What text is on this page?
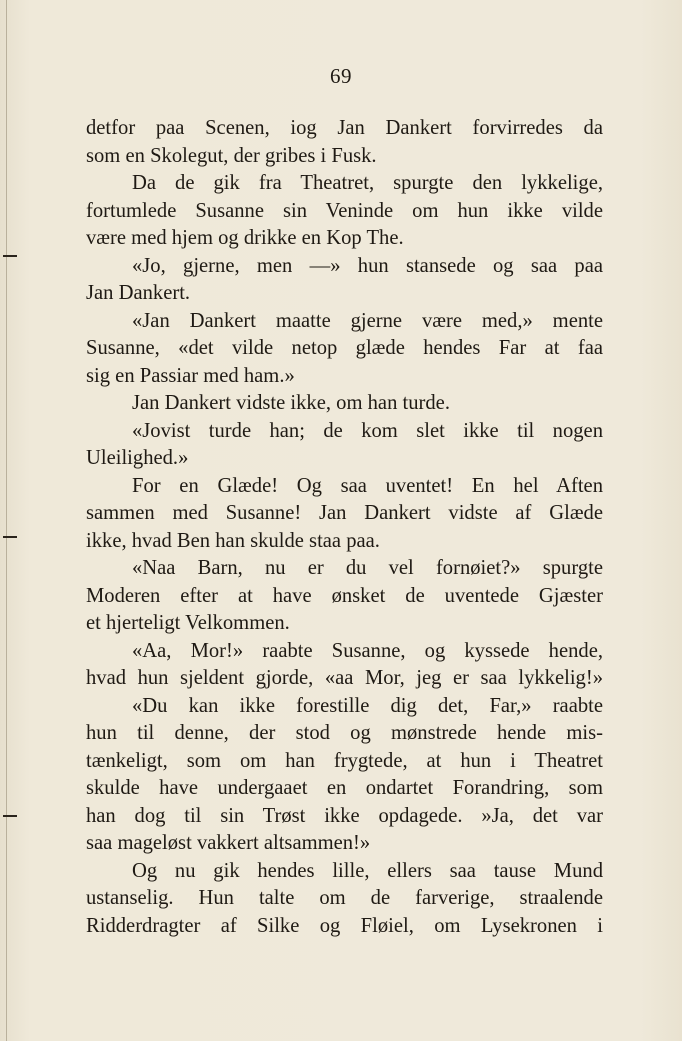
69
detfor paa Scenen, iog Jan Dankert forvirredes da
som en Skolegut, der gribes i Fusk.
Da de gik fra Theatret, spurgte den lykkelige,
fortumlede Susanne sin Veninde om hun ikke vilde
være med hjem og drikke en Kop The.
«Jo, gjerne, men —» hun stansede og saa paa
Jan Dankert.
«Jan Dankert maatte gjerne være med,» mente
Susanne, «det vilde netop glæde hendes Far at faa
sig en Passiar med ham.»
Jan Dankert vidste ikke, om han turde.
«Jovist turde han; de kom slet ikke til nogen
Uleilighed.»
For en Glæde! Og saa uventet! En hel Aften
sammen med Susanne! Jan Dankert vidste af Glæde
ikke, hvad Ben han skulde staa paa.
«Naa Barn, nu er du vel fornøiet?» spurgte
Moderen efter at have ønsket de uventede Gjæster
et hjerteligt Velkommen.
«Aa, Mor!» raabte Susanne, og kyssede hende,
hvad hun sjeldent gjorde, «aa Mor, jeg er saa lykkelig!»
«Du kan ikke forestille dig det, Far,» raabte
hun til denne, der stod og mønstrede hende mis-
tænkeligt, som om han frygtede, at hun i Theatret
skulde have undergaaet en ondartet Forandring, som
han dog til sin Trøst ikke opdagede. »Ja, det var
saa mageløst vakkert altsammen!»
Og nu gik hendes lille, ellers saa tause Mund
ustanselig. Hun talte om de farverige, straalende
Ridderdragter af Silke og Fløiel, om Lysekronen i
